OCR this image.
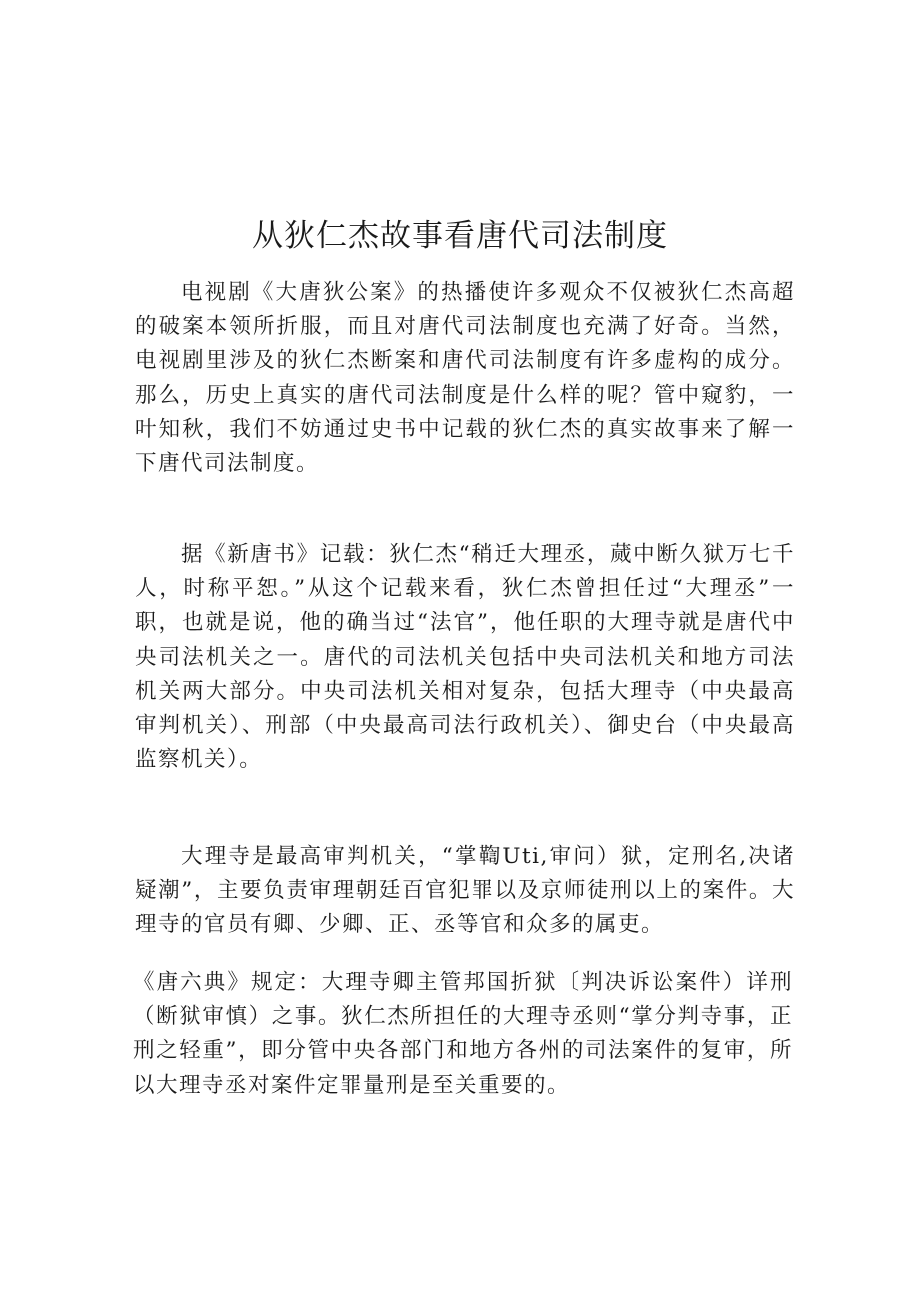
从狄仁杰故事看唐代司法制度
电视剧《大唐狄公案》的热播使许多观众不仅被狄仁杰高超的破案本领所折服，而且对唐代司法制度也充满了好奇。当然，电视剧里涉及的狄仁杰断案和唐代司法制度有许多虚构的成分。那么，历史上真实的唐代司法制度是什么样的呢？管中窥豹，一叶知秋，我们不妨通过史书中记载的狄仁杰的真实故事来了解一下唐代司法制度。
据《新唐书》记载：狄仁杰“稍迁大理丞，蒇中断久狱万七千人，时称平恕。”从这个记载来看，狄仁杰曾担任过“大理丞”一职，也就是说，他的确当过“法官”，他任职的大理寺就是唐代中央司法机关之一。唐代的司法机关包括中央司法机关和地方司法机关两大部分。中央司法机关相对复杂，包括大理寺（中央最高审判机关）、刑部（中央最高司法行政机关）、御史台（中央最高监察机关）。
大理寺是最高审判机关，“掌鞫Uti,审问）狱，定刑名,决诸疑潮”，主要负责审理朝廷百官犯罪以及京师徒刑以上的案件。大理寺的官员有卿、少卿、正、丞等官和众多的属吏。
《唐六典》规定：大理寺卿主管邦国折狱〔判决诉讼案件）详刑（断狱审慎）之事。狄仁杰所担任的大理寺丞则“掌分判寺事，正刑之轻重”，即分管中央各部门和地方各州的司法案件的复审，所以大理寺丞对案件定罪量刑是至关重要的。
